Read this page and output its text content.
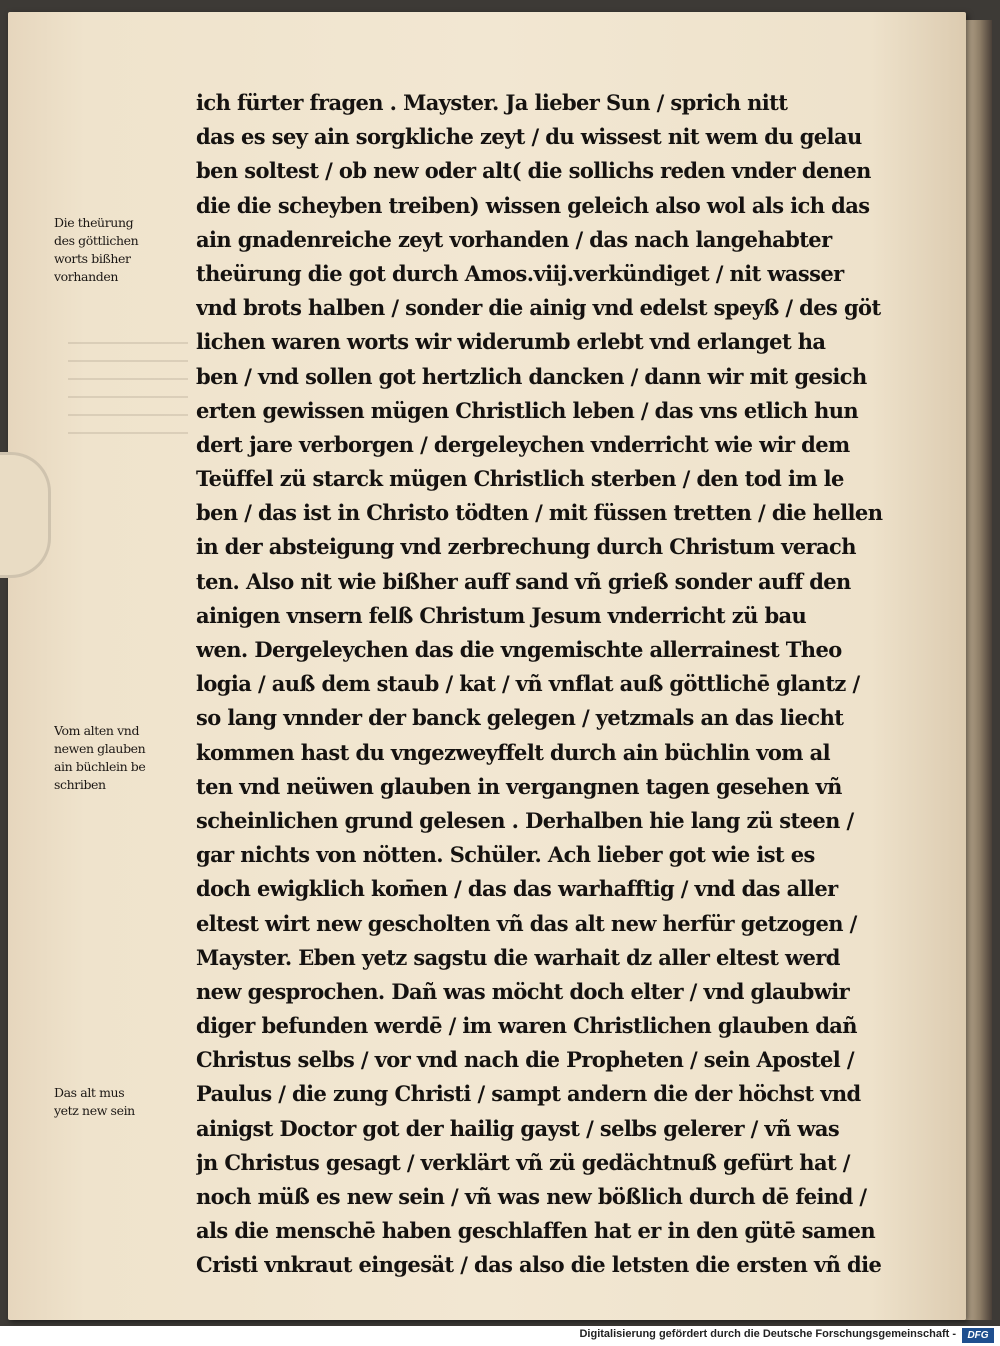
ich fürter fragen . Mayster. Ja lieber Sun / sprich nitt
das es sey ain sorgkliche zeyt / du wissest nit wem du gelau
ben soltest / ob new oder alt( die sollichs reden vnder denen
die die scheyben treiben) wissen geleich also wol als ich das
ain gnadenreiche zeyt vorhanden / das nach langehabter
theürung die got durch Amos.viij.verkündiget / nit wasser
vnd brots halben / sonder die ainig vnd edelst speyß / des göt
lichen waren worts wir widerumb erlebt vnd erlanget ha
ben / vnd sollen got hertzlich dancken / dann wir mit gesich
erten gewissen mügen Christlich leben / das vns etlich hun
dert jare verborgen / dergeleychen vnderricht wie wir dem
Teüffel zü starck mügen Christlich sterben / den tod im le
ben / das ist in Christo tödten / mit füssen tretten / die hellen
in der absteigung vnd zerbrechung durch Christum verach
ten. Also nit wie bißher auff sand vñ grieß sonder auff den
ainigen vnsern felß Christum Jesum vnderricht zü bau
wen. Dergeleychen das die vngemischte allerrainest Theo
logia / auß dem staub / kat / vñ vnflat auß göttlichē glantz /
so lang vnnder der banck gelegen / yetzmals an das liecht
kommen hast du vngezweyffelt durch ain büchlin vom al
ten vnd neüwen glauben in vergangnen tagen gesehen vñ
scheinlichen grund gelesen . Derhalben hie lang zü steen /
gar nichts von nötten. Schüler. Ach lieber got wie ist es
doch ewigklich kom̄en / das das warhafftig / vnd das aller
eltest wirt new gescholten vñ das alt new herfür getzogen /
Mayster. Eben yetz sagstu die warhait dz aller eltest werd
new gesprochen. Dañ was möcht doch elter / vnd glaubwir
diger befunden werdē / im waren Christlichen glauben dañ
Christus selbs / vor vnd nach die Propheten / sein Apostel /
Paulus / die zung Christi / sampt andern die der höchst vnd
ainigst Doctor got der hailig gayst / selbs gelerer / vñ was
jn Christus gesagt / verklärt vñ zü gedächtnuß gefürt hat /
noch müß es new sein / vñ was new bößlich durch dē feind /
als die menschē haben geschlaffen hat er in den gütē samen
Cristi vnkraut eingesät / das also die letsten die ersten vñ die
Die theürung
des göttlichen
worts bißher
vorhanden
Vom alten vnd
newen glauben
ain büchlein be
schriben
Das alt mus
yetz new sein
Digitalisierung gefördert durch die Deutsche Forschungsgemeinschaft -	DFG
